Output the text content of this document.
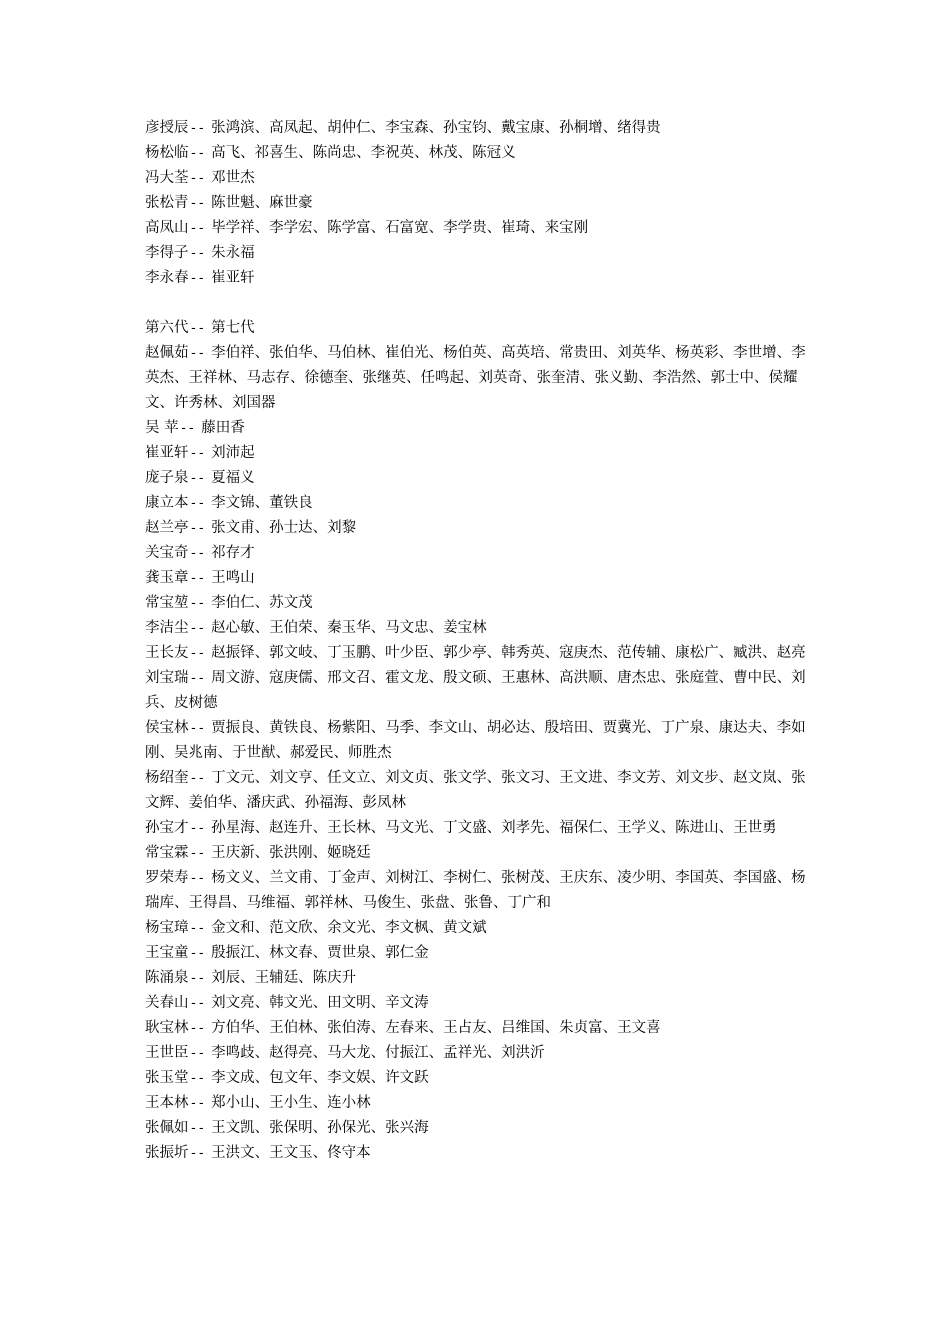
彦授辰-- 张鸿滨、高凤起、胡仲仁、李宝森、孙宝钧、戴宝康、孙桐增、绪得贵

杨松临-- 高飞、祁喜生、陈尚忠、李祝英、林茂、陈冠义

冯大荃-- 邓世杰

张松青-- 陈世魁、麻世豪

高凤山-- 毕学祥、李学宏、陈学富、石富宽、李学贵、崔琦、来宝刚

李得子-- 朱永福

李永春-- 崔亚轩

第六代-- 第七代

赵佩茹-- 李伯祥、张伯华、马伯林、崔伯光、杨伯英、高英培、常贵田、刘英华、杨英彩、李世增、李英杰、王祥林、马志存、徐德奎、张继英、任鸣起、刘英奇、张奎清、张义勤、李浩然、郭士中、侯耀文、许秀林、刘国器

吴 苹-- 藤田香

崔亚轩-- 刘沛起

庞子泉-- 夏福义

康立本-- 李文锦、董铁良

赵兰亭-- 张文甫、孙士达、刘黎

关宝奇-- 祁存才

龚玉章-- 王鸣山

常宝堃-- 李伯仁、苏文茂

李洁尘-- 赵心敏、王伯荣、秦玉华、马文忠、姜宝林

王长友-- 赵振铎、郭文岐、丁玉鹏、叶少臣、郭少亭、韩秀英、寇庚杰、范传辅、康松广、臧洪、赵亮

刘宝瑞-- 周文游、寇庚儒、邢文召、霍文龙、殷文硕、王惠林、高洪顺、唐杰忠、张庭萱、曹中民、刘兵、皮树德

侯宝林-- 贾振良、黄铁良、杨紫阳、马季、李文山、胡必达、殷培田、贾冀光、丁广泉、康达夫、李如刚、吴兆南、于世猷、郝爱民、师胜杰

杨绍奎-- 丁文元、刘文亨、任文立、刘文贞、张文学、张文习、王文进、李文芳、刘文步、赵文岚、张文辉、姜伯华、潘庆武、孙福海、彭凤林

孙宝才-- 孙星海、赵连升、王长林、马文光、丁文盛、刘孝先、福保仁、王学义、陈进山、王世勇

常宝霖-- 王庆新、张洪刚、姬晓廷

罗荣寿-- 杨文义、兰文甫、丁金声、刘树江、李树仁、张树茂、王庆东、凌少明、李国英、李国盛、杨瑞库、王得昌、马维福、郭祥林、马俊生、张盘、张鲁、丁广和

杨宝璋-- 金文和、范文欣、余文光、李文枫、黄文斌

王宝童-- 殷振江、林文春、贾世泉、郭仁金

陈涌泉-- 刘辰、王辅廷、陈庆升

关春山-- 刘文亮、韩文光、田文明、辛文涛

耿宝林-- 方伯华、王伯林、张伯涛、左春来、王占友、吕维国、朱贞富、王文喜

王世臣-- 李鸣歧、赵得亮、马大龙、付振江、孟祥光、刘洪沂

张玉堂-- 李文成、包文年、李文娱、许文跃

王本林-- 郑小山、王小生、连小林

张佩如-- 王文凯、张保明、孙保光、张兴海

张振圻-- 王洪文、王文玉、佟守本
